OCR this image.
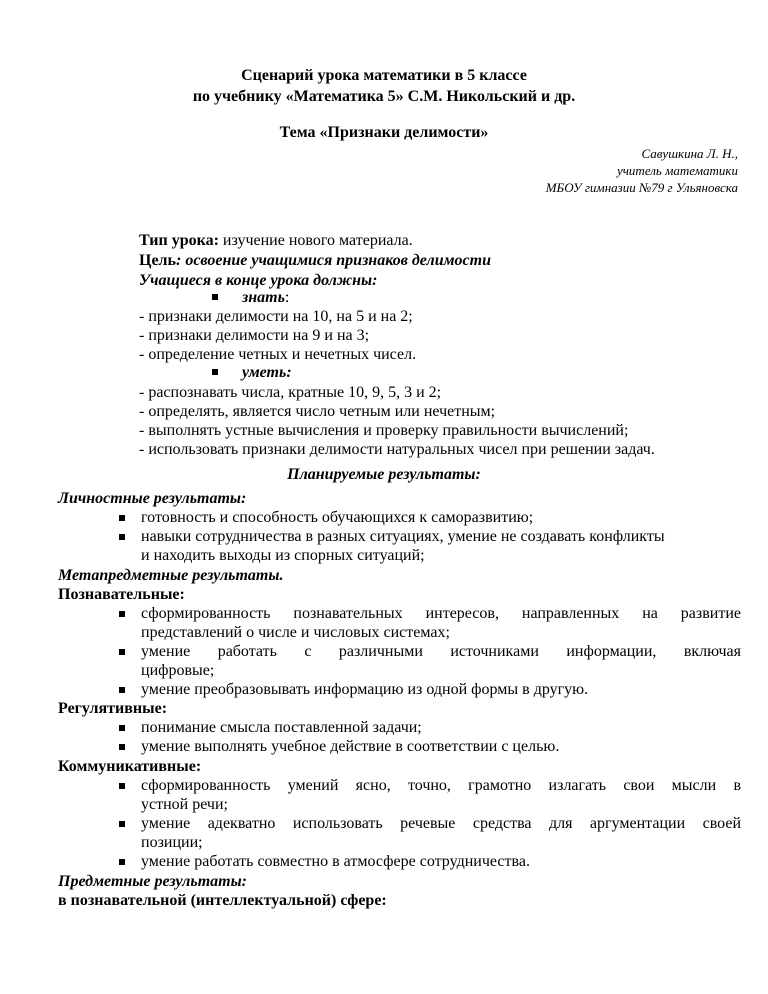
Сценарий урока математики в 5 классе
по учебнику «Математика 5» С.М. Никольский и др.
Тема «Признаки делимости»
Савушкина Л. Н.,
учитель математики
МБОУ гимназии №79 г Ульяновска
Тип урока: изучение нового материала.
Цель: освоение учащимися признаков делимости
Учащиеся в конце урока должны:
знать:
- признаки делимости на 10, на 5 и на 2;
- признаки делимости на 9 и на 3;
- определение четных и нечетных чисел.
уметь:
- распознавать числа, кратные 10, 9, 5, 3 и 2;
- определять, является число четным или нечетным;
- выполнять устные вычисления и проверку правильности вычислений;
- использовать признаки делимости натуральных чисел при решении задач.
Планируемые результаты:
Личностные результаты:
готовность и способность обучающихся к саморазвитию;
навыки сотрудничества в разных ситуациях, умение не создавать конфликты
и находить выходы из спорных ситуаций;
Метапредметные результаты.
Познавательные:
сформированность познавательных интересов, направленных на развитие
представлений о числе и числовых системах;
умение работать с различными источниками информации, включая
цифровые;
умение преобразовывать информацию из одной формы в другую.
Регулятивные:
понимание смысла поставленной задачи;
умение выполнять учебное действие в соответствии с целью.
Коммуникативные:
сформированность умений ясно, точно, грамотно излагать свои мысли в
устной речи;
умение адекватно использовать речевые средства для аргументации своей
позиции;
умение работать совместно в атмосфере сотрудничества.
Предметные результаты:
в познавательной (интеллектуальной) сфере:
